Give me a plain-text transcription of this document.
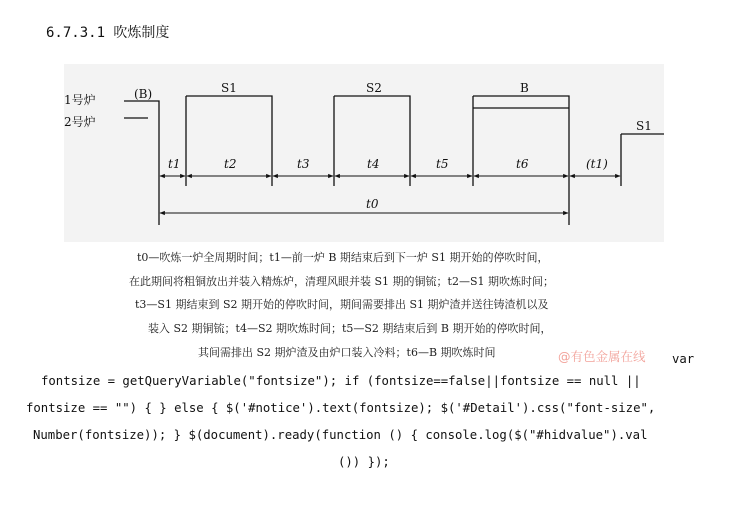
6.7.3.1 吹炼制度
1号炉
2号炉
(B)	S1	S2	B
S1
t1	t2	t3	t4	t5	t6	(t1)
t0
t0—吹炼一炉全周期时间；t1—前一炉 B 期结束后到下一炉 S1 期开始的停吹时间，
在此期间将粗铜放出并装入精炼炉，清理风眼并装 S1 期的铜锍；t2—S1 期吹炼时间；
t3—S1 期结束到 S2 期开始的停吹时间，期间需要排出 S1 期炉渣并送往铸渣机以及
装入 S2 期铜锍；t4—S2 期吹炼时间；t5—S2 期结束后到 B 期开始的停吹时间，
其间需排出 S2 期炉渣及由炉口装入冷料；t6—B 期吹炼时间	@有色金属在线	var
fontsize = getQueryVariable("fontsize"); if (fontsize==false||fontsize == null ||
fontsize == "") { } else { $('#notice').text(fontsize); $('#Detail').css("font-size",
Number(fontsize)); } $(document).ready(function () { console.log($("#hidvalue").val
()) });
